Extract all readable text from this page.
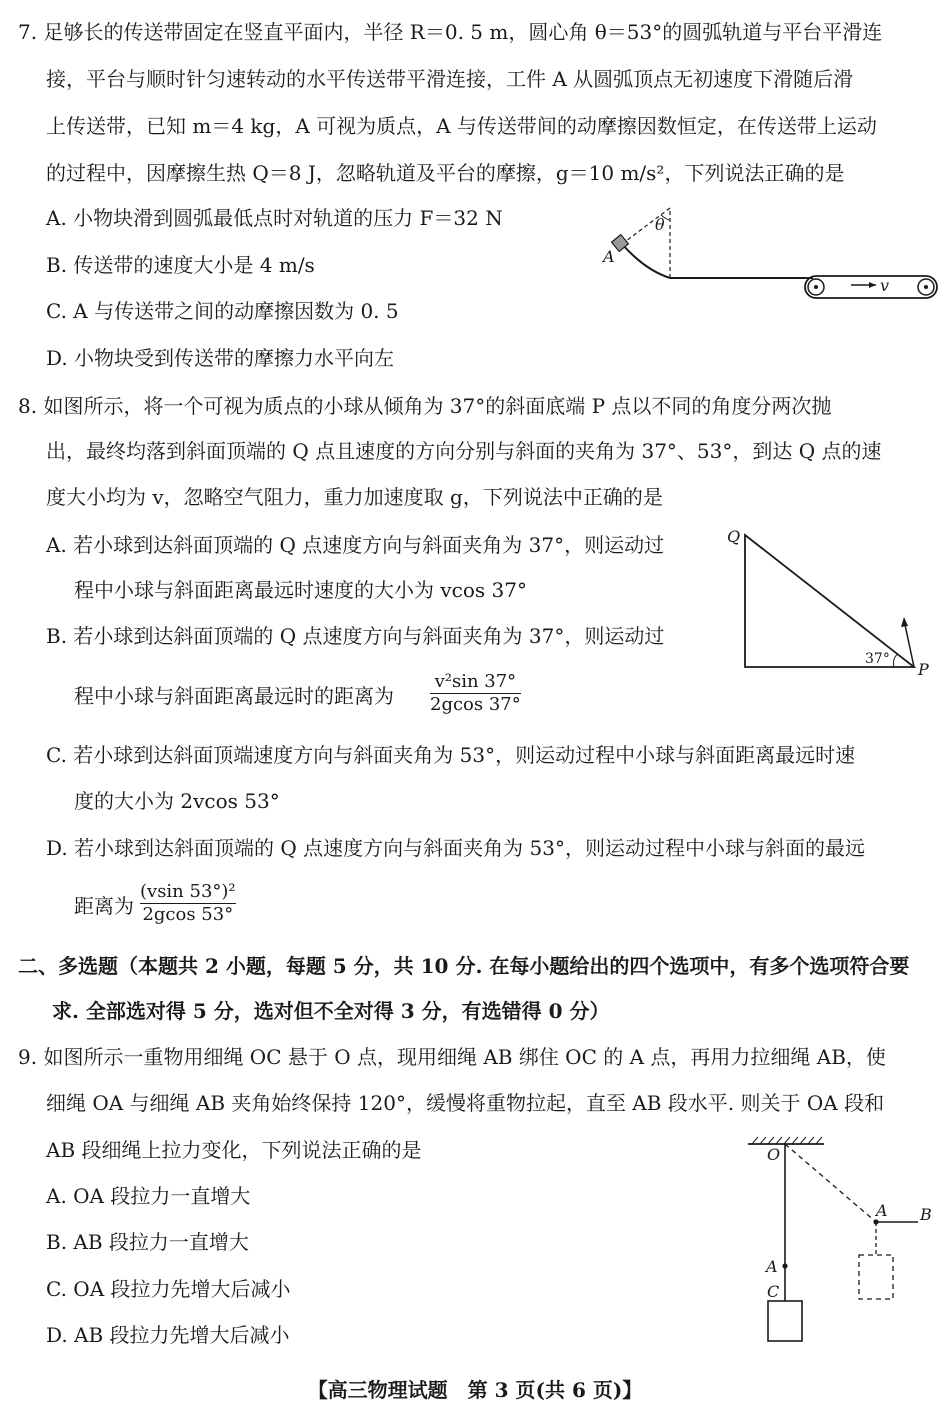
7. 足够长的传送带固定在竖直平面内，半径 R＝0. 5 m，圆心角 θ＝53°的圆弧轨道与平台平滑连
接，平台与顺时针匀速转动的水平传送带平滑连接，工件 A 从圆弧顶点无初速度下滑随后滑
上传送带，已知 m＝4 kg，A 可视为质点，A 与传送带间的动摩擦因数恒定，在传送带上运动
的过程中，因摩擦生热 Q＝8 J，忽略轨道及平台的摩擦，g＝10 m/s²，下列说法正确的是
A. 小物块滑到圆弧最低点时对轨道的压力 F＝32 N
B. 传送带的速度大小是 4 m/s
C. A 与传送带之间的动摩擦因数为 0. 5
D. 小物块受到传送带的摩擦力水平向左
θ
A
v
8. 如图所示，将一个可视为质点的小球从倾角为 37°的斜面底端 P 点以不同的角度分两次抛
出，最终均落到斜面顶端的 Q 点且速度的方向分别与斜面的夹角为 37°、53°，到达 Q 点的速
度大小均为 v，忽略空气阻力，重力加速度取 g，下列说法中正确的是
A. 若小球到达斜面顶端的 Q 点速度方向与斜面夹角为 37°，则运动过
程中小球与斜面距离最远时速度的大小为 vcos 37°
B. 若小球到达斜面顶端的 Q 点速度方向与斜面夹角为 37°，则运动过
程中小球与斜面距离最远时的距离为 $\frac{\text{v²sin 37°}}{2gcos 37^\circ}$
C. 若小球到达斜面顶端速度方向与斜面夹角为 53°，则运动过程中小球与斜面距离最远时速
度的大小为 2vcos 53°
D. 若小球到达斜面顶端的 Q 点速度方向与斜面夹角为 53°，则运动过程中小球与斜面的最远
距离为 $\frac{\text{(vsin 53°)²}}{2gcos 53^\circ}$
Q
P
37°
二、多选题（本题共 2 小题，每题 5 分，共 10 分. 在每小题给出的四个选项中，有多个选项符合要
求. 全部选对得 5 分，选对但不全对得 3 分，有选错得 0 分）
9. 如图所示一重物用细绳 OC 悬于 O 点，现用细绳 AB 绑住 OC 的 A 点，再用力拉细绳 AB，使
细绳 OA 与细绳 AB 夹角始终保持 120°，缓慢将重物拉起，直至 AB 段水平. 则关于 OA 段和
AB 段细绳上拉力变化，下列说法正确的是
A. OA 段拉力一直增大
B. AB 段拉力一直增大
C. OA 段拉力先增大后减小
D. AB 段拉力先增大后减小
O
A
C
A B
【高三物理试题　第 3 页(共 6 页)】
